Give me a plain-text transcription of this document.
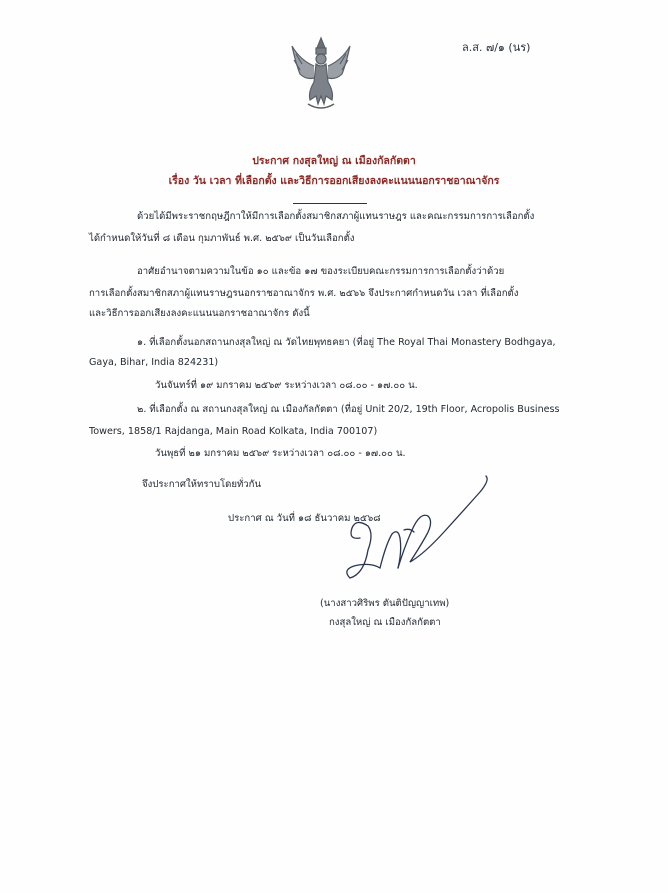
ล.ส. ๗/๑ (นร)
ประกาศ กงสุลใหญ่ ณ เมืองกัลกัตตา
เรื่อง วัน เวลา ที่เลือกตั้ง และวิธีการออกเสียงลงคะแนนนอกราชอาณาจักร
ด้วยได้มีพระราชกฤษฎีกาให้มีการเลือกตั้งสมาชิกสภาผู้แทนราษฎร และคณะกรรมการการเลือกตั้ง
ได้กำหนดให้วันที่ ๘ เดือน กุมภาพันธ์ พ.ศ. ๒๕๖๙ เป็นวันเลือกตั้ง
อาศัยอำนาจตามความในข้อ ๑๐ และข้อ ๑๗ ของระเบียบคณะกรรมการการเลือกตั้งว่าด้วย
การเลือกตั้งสมาชิกสภาผู้แทนราษฎรนอกราชอาณาจักร พ.ศ. ๒๕๖๖ จึงประกาศกำหนดวัน เวลา ที่เลือกตั้ง
และวิธีการออกเสียงลงคะแนนนอกราชอาณาจักร ดังนี้
๑. ที่เลือกตั้งนอกสถานกงสุลใหญ่ ณ วัดไทยพุทธคยา (ที่อยู่ The Royal Thai Monastery Bodhgaya,
Gaya, Bihar, India 824231)
วันจันทร์ที่ ๑๙ มกราคม ๒๕๖๙ ระหว่างเวลา ๐๘.๐๐ - ๑๗.๐๐ น.
๒. ที่เลือกตั้ง ณ สถานกงสุลใหญ่ ณ เมืองกัลกัตตา (ที่อยู่ Unit 20/2, 19th Floor, Acropolis Business
Towers, 1858/1 Rajdanga, Main Road Kolkata, India 700107)
วันพุธที่ ๒๑ มกราคม ๒๕๖๙ ระหว่างเวลา ๐๘.๐๐ - ๑๗.๐๐ น.
จึงประกาศให้ทราบโดยทั่วกัน
ประกาศ ณ วันที่ ๑๘ ธันวาคม ๒๕๖๘
(นางสาวศิริพร ตันติปัญญาเทพ)
กงสุลใหญ่ ณ เมืองกัลกัตตา
